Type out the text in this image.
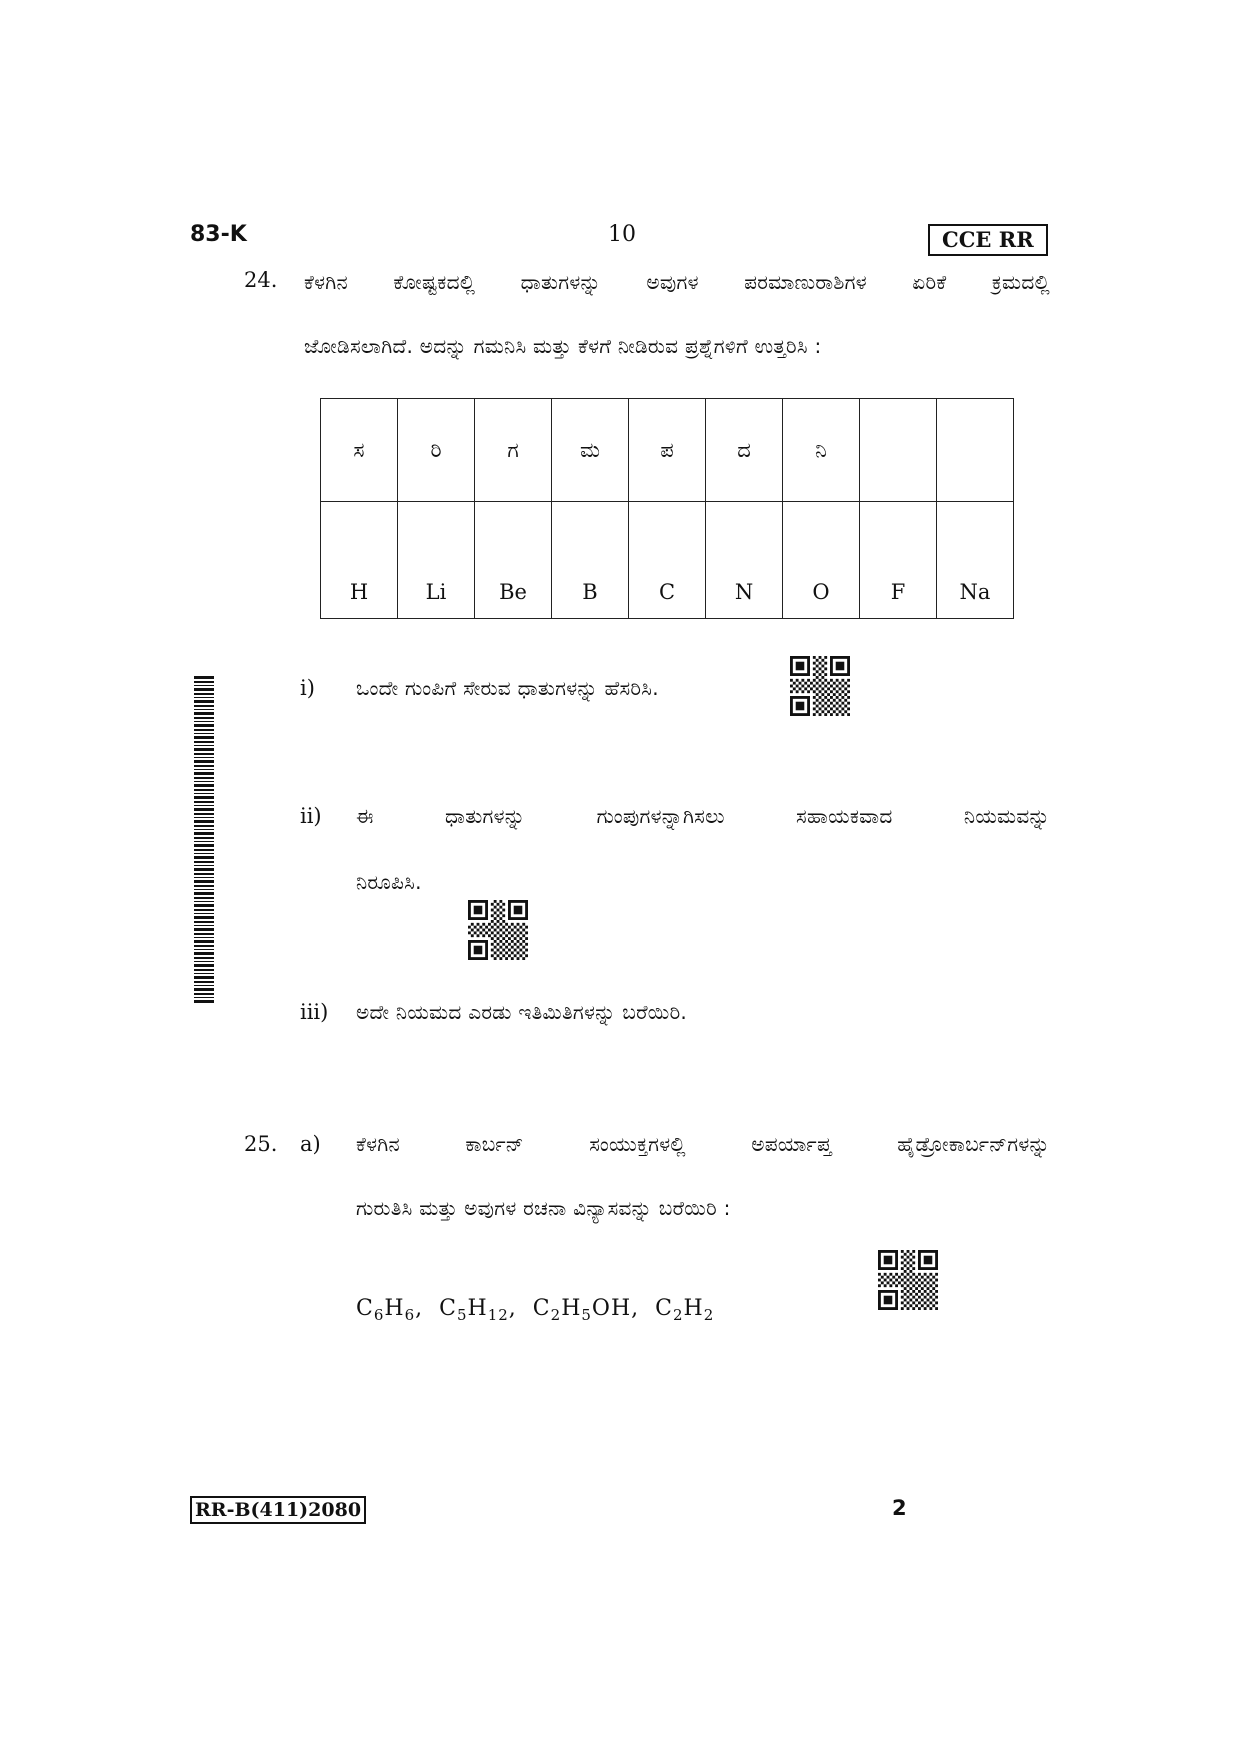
83-K	10	CCE RR
24. ಕೆಳಗಿನ ಕೋಷ್ಟಕದಲ್ಲಿ ಧಾತುಗಳನ್ನು ಅವುಗಳ ಪರಮಾಣುರಾಶಿಗಳ ಏರಿಕೆ ಕ್ರಮದಲ್ಲಿ
ಜೋಡಿಸಲಾಗಿದೆ. ಅದನ್ನು ಗಮನಿಸಿ ಮತ್ತು ಕೆಳಗೆ ನೀಡಿರುವ ಪ್ರಶ್ನೆಗಳಿಗೆ ಉತ್ತರಿಸಿ :
ಸ	ರಿ	ಗ	ಮ	ಪ	ದ	ನಿ		
H	Li	Be	B	C	N	O	F	Na
i) ಒಂದೇ ಗುಂಪಿಗೆ ಸೇರುವ ಧಾತುಗಳನ್ನು ಹೆಸರಿಸಿ.
ii) ಈ ಧಾತುಗಳನ್ನು ಗುಂಪುಗಳನ್ನಾಗಿಸಲು ಸಹಾಯಕವಾದ ನಿಯಮವನ್ನು
ನಿರೂಪಿಸಿ.
iii) ಅದೇ ನಿಯಮದ ಎರಡು ಇತಿಮಿತಿಗಳನ್ನು ಬರೆಯಿರಿ.
25. a) ಕೆಳಗಿನ ಕಾರ್ಬನ್ ಸಂಯುಕ್ತಗಳಲ್ಲಿ ಅಪರ್ಯಾಪ್ತ ಹೈಡ್ರೋಕಾರ್ಬನ್‌ಗಳನ್ನು
ಗುರುತಿಸಿ ಮತ್ತು ಅವುಗಳ ರಚನಾ ವಿನ್ಯಾಸವನ್ನು ಬರೆಯಿರಿ :
$C_6H_6$, $C_5H_{12}$, $C_2H_5OH$, $C_2H_2$
RR-B(411)2080	2
